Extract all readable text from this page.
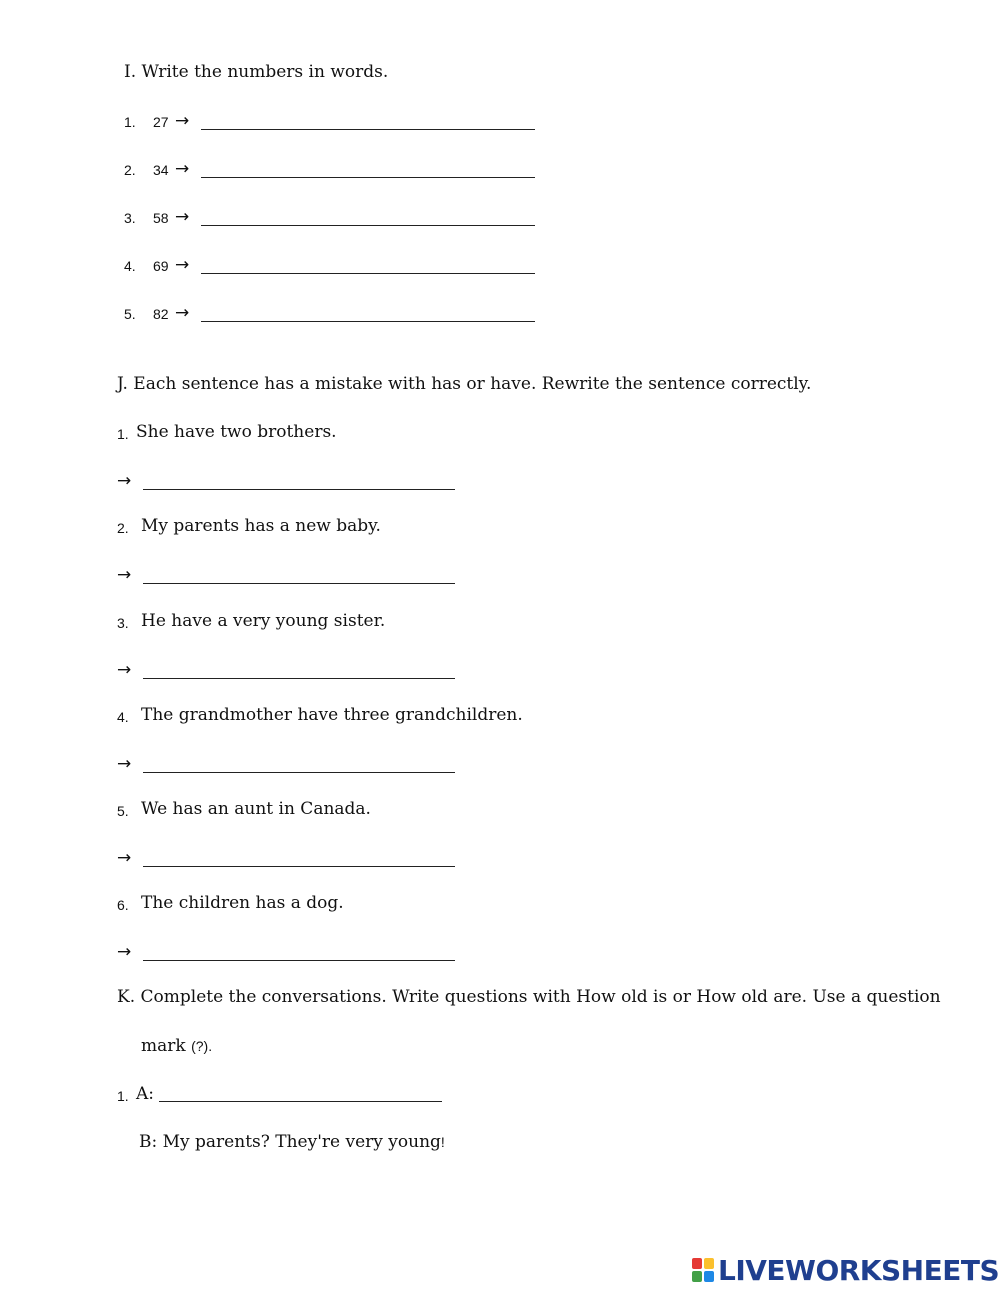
I. Write the numbers in words.
1. 27 →
2. 34 →
3. 58 →
4. 69 →
5. 82 →
J. Each sentence has a mistake with has or have. Rewrite the sentence correctly.
1. She have two brothers.
→
2. My parents has a new baby.
→
3. He have a very young sister.
→
4. The grandmother have three grandchildren.
→
5. We has an aunt in Canada.
→
6. The children has a dog.
→
K. Complete the conversations. Write questions with How old is or How old are. Use a question
mark (?).
1. A:
B: My parents? They're very young!
LIVEWORKSHEETS
